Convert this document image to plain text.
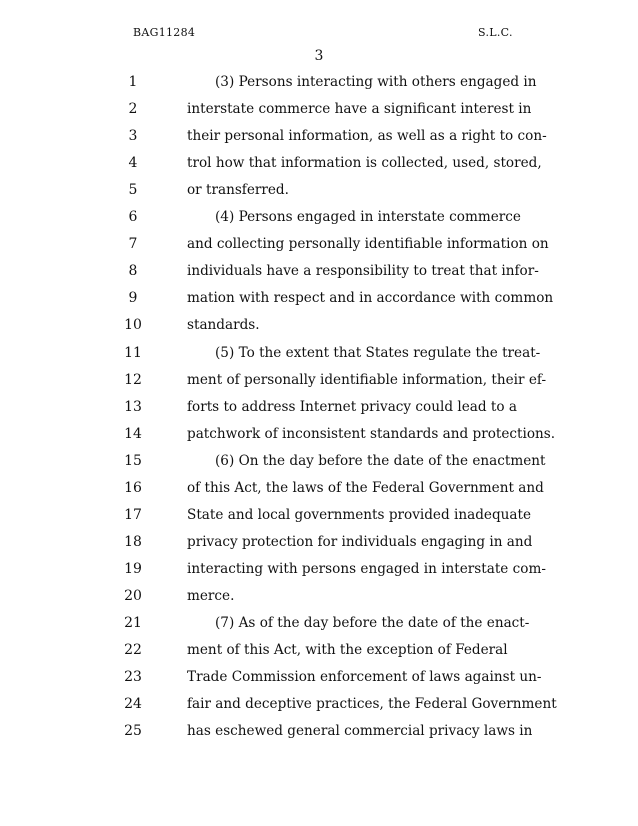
BAG11284	S.L.C.
3
1	(3) Persons interacting with others engaged in
2	interstate commerce have a significant interest in
3	their personal information, as well as a right to con-
4	trol how that information is collected, used, stored,
5	or transferred.
6	(4) Persons engaged in interstate commerce
7	and collecting personally identifiable information on
8	individuals have a responsibility to treat that infor-
9	mation with respect and in accordance with common
10	standards.
11	(5) To the extent that States regulate the treat-
12	ment of personally identifiable information, their ef-
13	forts to address Internet privacy could lead to a
14	patchwork of inconsistent standards and protections.
15	(6) On the day before the date of the enactment
16	of this Act, the laws of the Federal Government and
17	State and local governments provided inadequate
18	privacy protection for individuals engaging in and
19	interacting with persons engaged in interstate com-
20	merce.
21	(7) As of the day before the date of the enact-
22	ment of this Act, with the exception of Federal
23	Trade Commission enforcement of laws against un-
24	fair and deceptive practices, the Federal Government
25	has eschewed general commercial privacy laws in
